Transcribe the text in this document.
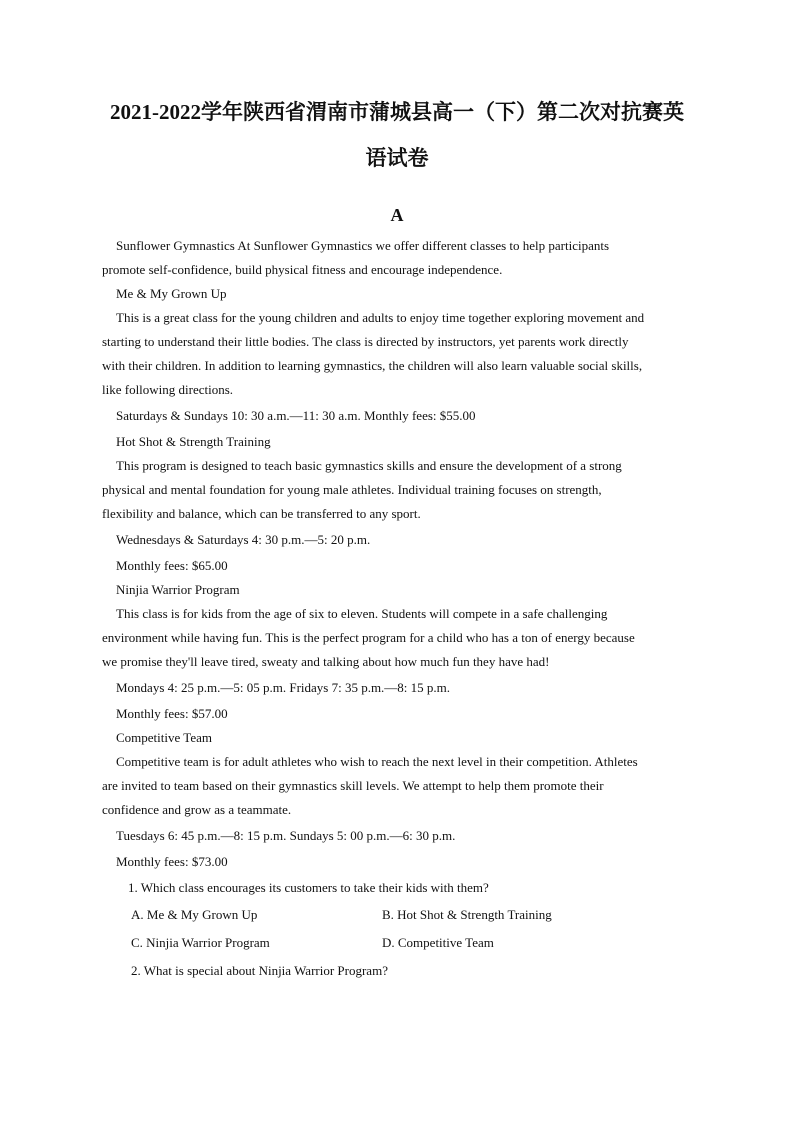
2021-2022学年陕西省渭南市蒲城县高一（下）第二次对抗赛英
语试卷
A

Sunflower Gymnastics At Sunflower Gymnastics we offer different classes to help participants

promote self-confidence, build physical fitness and encourage independence.

Me & My Grown Up

This is a great class for the young children and adults to enjoy time together exploring movement and

starting to understand their little bodies. The class is directed by instructors, yet parents work directly

with their children. In addition to learning gymnastics, the children will also learn valuable social skills,

like following directions.

Saturdays & Sundays 10: 30 a.m.—11: 30 a.m. Monthly fees: $55.00

Hot Shot & Strength Training

This program is designed to teach basic gymnastics skills and ensure the development of a strong

physical and mental foundation for young male athletes. Individual training focuses on strength,

flexibility and balance, which can be transferred to any sport.

Wednesdays & Saturdays 4: 30 p.m.—5: 20 p.m.

Monthly fees: $65.00

Ninjia Warrior Program

This class is for kids from the age of six to eleven. Students will compete in a safe challenging

environment while having fun. This is the perfect program for a child who has a ton of energy because

we promise they'll leave tired, sweaty and talking about how much fun they have had!

Mondays 4: 25 p.m.—5: 05 p.m. Fridays 7: 35 p.m.—8: 15 p.m.

Monthly fees: $57.00

Competitive Team

Competitive team is for adult athletes who wish to reach the next level in their competition. Athletes

are invited to team based on their gymnastics skill levels. We attempt to help them promote their

confidence and grow as a teammate.

Tuesdays 6: 45 p.m.—8: 15 p.m. Sundays 5: 00 p.m.—6: 30 p.m.

Monthly fees: $73.00

1. Which class encourages its customers to take their kids with them?
A. Me & My Grown Up	B. Hot Shot & Strength Training
C. Ninjia Warrior Program	D. Competitive Team
2. What is special about Ninjia Warrior Program?
